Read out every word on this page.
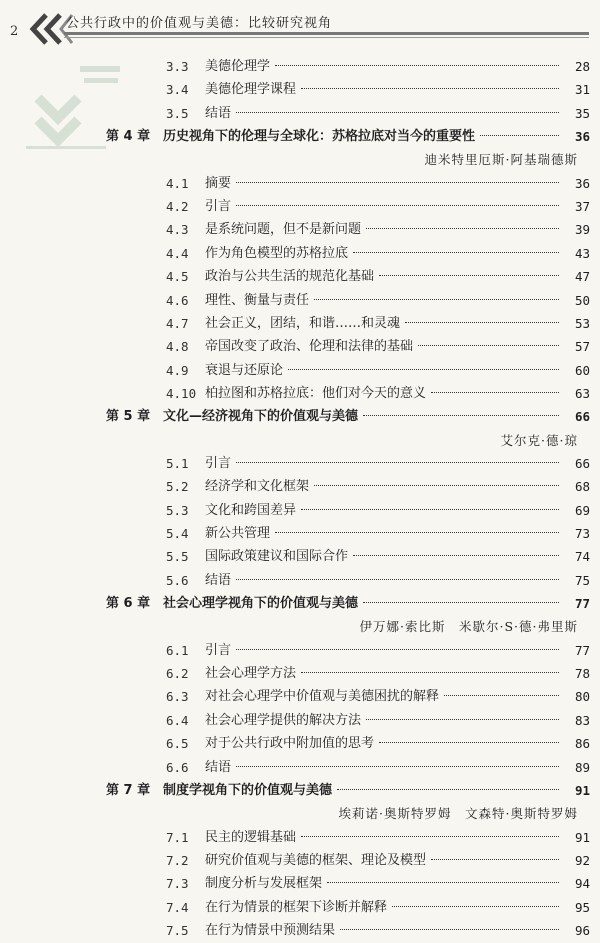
2
公共行政中的价值观与美德：比较研究视角
3.3 美德伦理学	28
3.4 美德伦理学课程	31
3.5 结语	35
第 4 章 历史视角下的伦理与全球化：苏格拉底对当今的重要性	36
迪米特里厄斯·阿基瑞德斯
4.1 摘要	36
4.2 引言	37
4.3 是系统问题，但不是新问题	39
4.4 作为角色模型的苏格拉底	43
4.5 政治与公共生活的规范化基础	47
4.6 理性、衡量与责任	50
4.7 社会正义，团结，和谐……和灵魂	53
4.8 帝国改变了政治、伦理和法律的基础	57
4.9 衰退与还原论	60
4.10 柏拉图和苏格拉底：他们对今天的意义	63
第 5 章 文化—经济视角下的价值观与美德	66
艾尔克·德·琼
5.1 引言	66
5.2 经济学和文化框架	68
5.3 文化和跨国差异	69
5.4 新公共管理	73
5.5 国际政策建议和国际合作	74
5.6 结语	75
第 6 章 社会心理学视角下的价值观与美德	77
伊万娜·索比斯　米歇尔·S·德·弗里斯
6.1 引言	77
6.2 社会心理学方法	78
6.3 对社会心理学中价值观与美德困扰的解释	80
6.4 社会心理学提供的解决方法	83
6.5 对于公共行政中附加值的思考	86
6.6 结语	89
第 7 章 制度学视角下的价值观与美德	91
埃莉诺·奥斯特罗姆　文森特·奥斯特罗姆
7.1 民主的逻辑基础	91
7.2 研究价值观与美德的框架、理论及模型	92
7.3 制度分析与发展框架	94
7.4 在行为情景的框架下诊断并解释	95
7.5 在行为情景中预测结果	96
